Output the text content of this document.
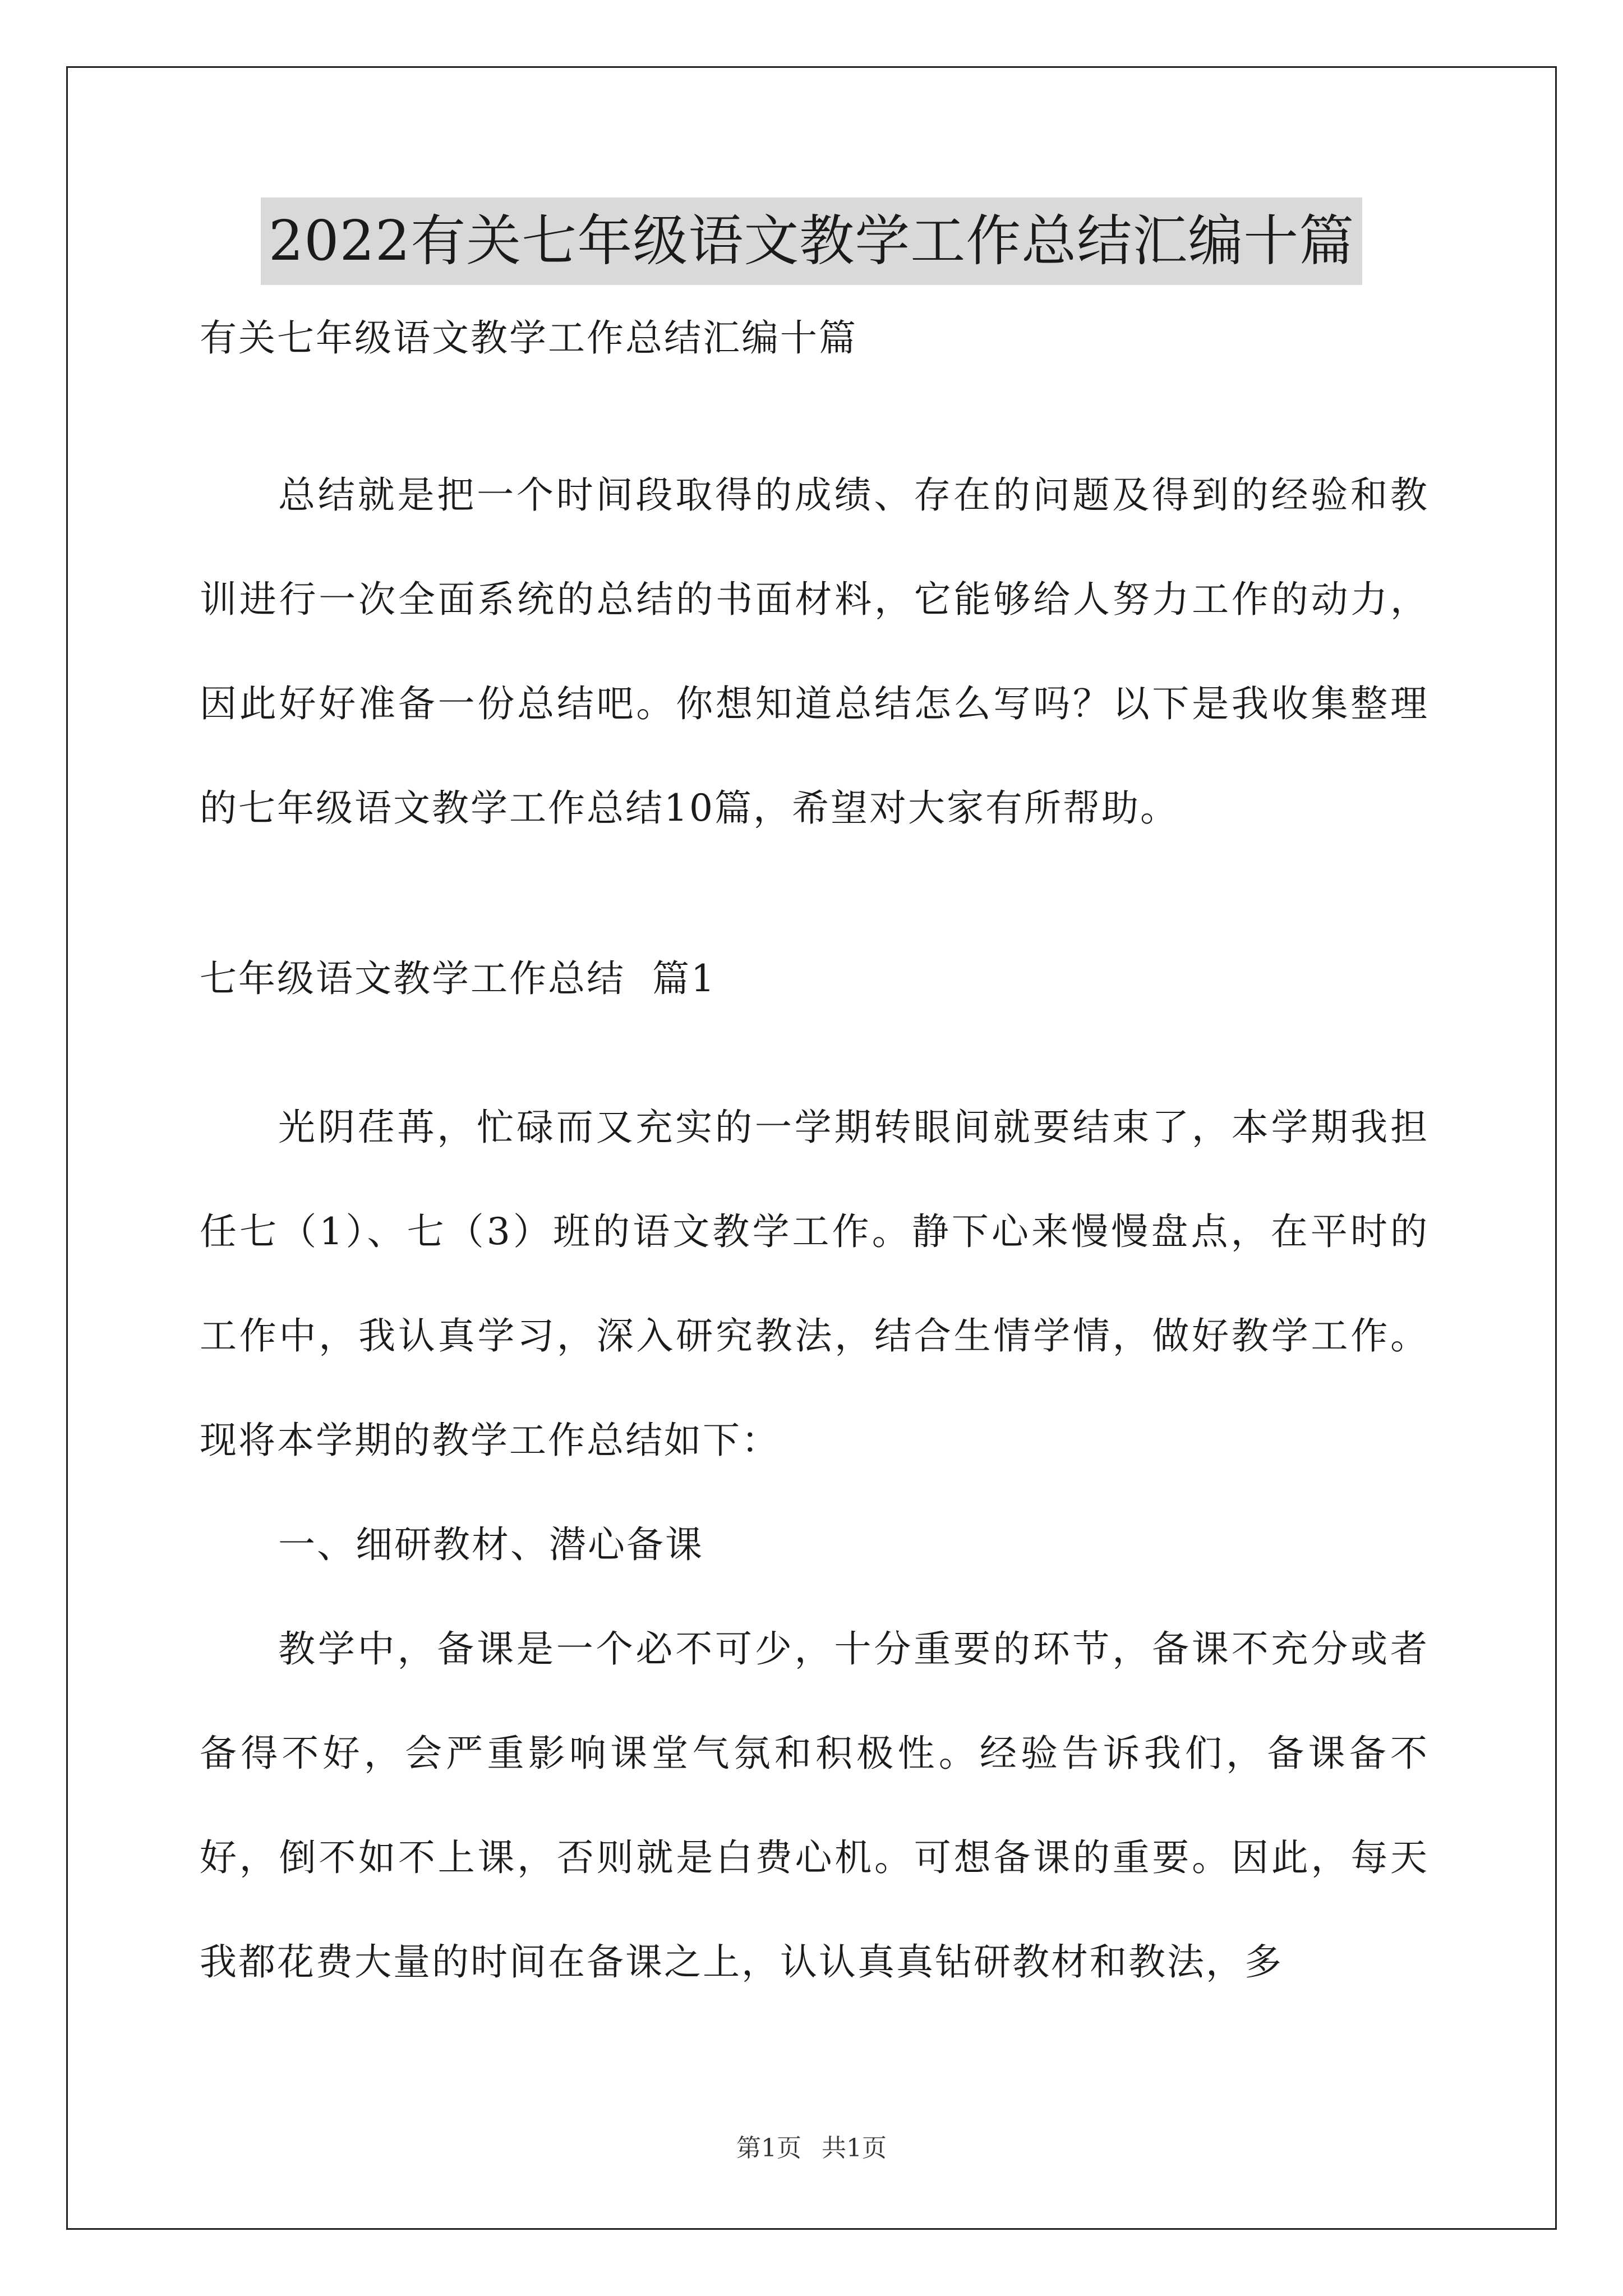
2022有关七年级语文教学工作总结汇编十篇
有关七年级语文教学工作总结汇编十篇

总结就是把一个时间段取得的成绩、存在的问题及得到的经验和教训进行一次全面系统的总结的书面材料，它能够给人努力工作的动力，因此好好准备一份总结吧。你想知道总结怎么写吗？以下是我收集整理的七年级语文教学工作总结10篇，希望对大家有所帮助。

七年级语文教学工作总结  篇1

光阴荏苒，忙碌而又充实的一学期转眼间就要结束了，本学期我担任七（1）、七（3）班的语文教学工作。静下心来慢慢盘点，在平时的工作中，我认真学习，深入研究教法，结合生情学情，做好教学工作。现将本学期的教学工作总结如下：

一、细研教材、潜心备课

教学中，备课是一个必不可少，十分重要的环节，备课不充分或者备得不好，会严重影响课堂气氛和积极性。经验告诉我们，备课备不好，倒不如不上课，否则就是白费心机。可想备课的重要。因此，每天我都花费大量的时间在备课之上，认认真真钻研教材和教法，多

第1页 共1页
